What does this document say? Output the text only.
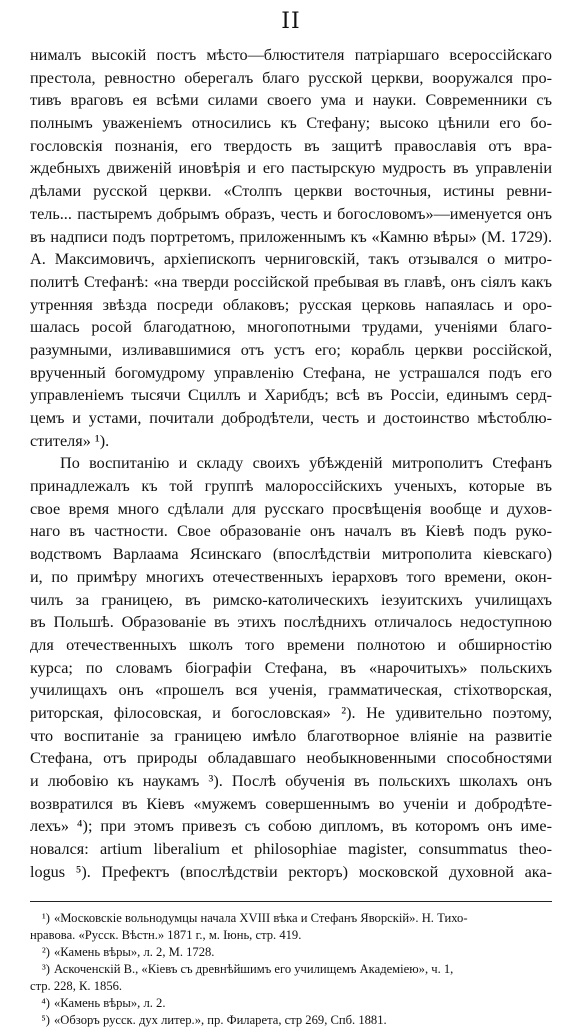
II
нималъ высокій постъ мѣсто—блюстителя патріаршаго всероссійскаго
престола, ревностно оберегалъ благо русской церкви, вооружался про-
тивъ враговъ ея всѣми силами своего ума и науки. Современники съ
полнымъ уваженіемъ относились къ Стефану; высоко цѣнили его бо-
гословскія познанія, его твердость въ защитѣ православія отъ вра-
ждебныхъ движеній иновѣрія и его пастырскую мудрость въ управленіи
дѣлами русской церкви. «Столпъ церкви восточныя, истины ревни-
тель... пастыремъ добрымъ образъ, честь и богословомъ»—именуется онъ
въ надписи подъ портретомъ, приложеннымъ къ «Камню вѣры» (М. 1729).
А. Максимовичъ, архіепископъ черниговскій, такъ отзывался о митро-
политѣ Стефанѣ: «на тверди россійской пребывая въ главѣ, онъ сіялъ какъ
утренняя звѣзда посреди облаковъ; русская церковь напаялась и оро-
шалась росой благодатною, многопотными трудами, ученіями благо-
разумными, изливавшимися отъ устъ его; корабль церкви россійской,
врученный богомудрому управленію Стефана, не устрашался подъ его
управленіемъ тысячи Сциллъ и Харибдъ; всѣ въ Россіи, единымъ серд-
цемъ и устами, почитали добродѣтели, честь и достоинство мѣстоблю-
стителя» ¹).
По воспитанію и складу своихъ убѣжденій митрополитъ Стефанъ
принадлежалъ къ той группѣ малороссійскихъ ученыхъ, которые въ
свое время много сдѣлали для русскаго просвѣщенія вообще и духов-
наго въ частности. Свое образованіе онъ началъ въ Кіевѣ подъ руко-
водствомъ Варлаама Ясинскаго (впослѣдствіи митрополита кіевскаго)
и, по примѣру многихъ отечественныхъ іерарховъ того времени, окон-
чилъ за границею, въ римско-католическихъ іезуитскихъ училищахъ
въ Польшѣ. Образованіе въ этихъ послѣднихъ отличалось недоступною
для отечественныхъ школъ того времени полнотою и обширностію
курса; по словамъ біографіи Стефана, въ «нарочитыхъ» польскихъ
училищахъ онъ «прошелъ вся ученія, грамматическая, стіхотворская,
риторская, філосовская, и богословская» ²). Не удивительно поэтому,
что воспитаніе за границею имѣло благотворное вліяніе на развитіе
Стефана, отъ природы обладавшаго необыкновенными способностями
и любовію къ наукамъ ³). Послѣ обученія въ польскихъ школахъ онъ
возвратился въ Кіевъ «мужемъ совершеннымъ во ученіи и добродѣте-
лехъ» ⁴); при этомъ привезъ съ собою дипломъ, въ которомъ онъ име-
новался: artium liberalium et philosophiae magister, consummatus theo-
logus ⁵). Префектъ (впослѣдствіи ректоръ) московской духовной ака-
¹) «Московскіе вольнодумцы начала XVIII вѣка и Стефанъ Яворскій». Н. Тихо-
нравова. «Русск. Вѣстн.» 1871 г., м. Іюнь, стр. 419.
²) «Камень вѣры», л. 2, М. 1728.
³) Аскоченскій В., «Кіевъ съ древнѣйшимъ его училищемъ Академіею», ч. 1,
стр. 228, К. 1856.
⁴) «Камень вѣры», л. 2.
⁵) «Обзоръ русск. дух литер.», пр. Филарета, стр 269, Спб. 1881.
